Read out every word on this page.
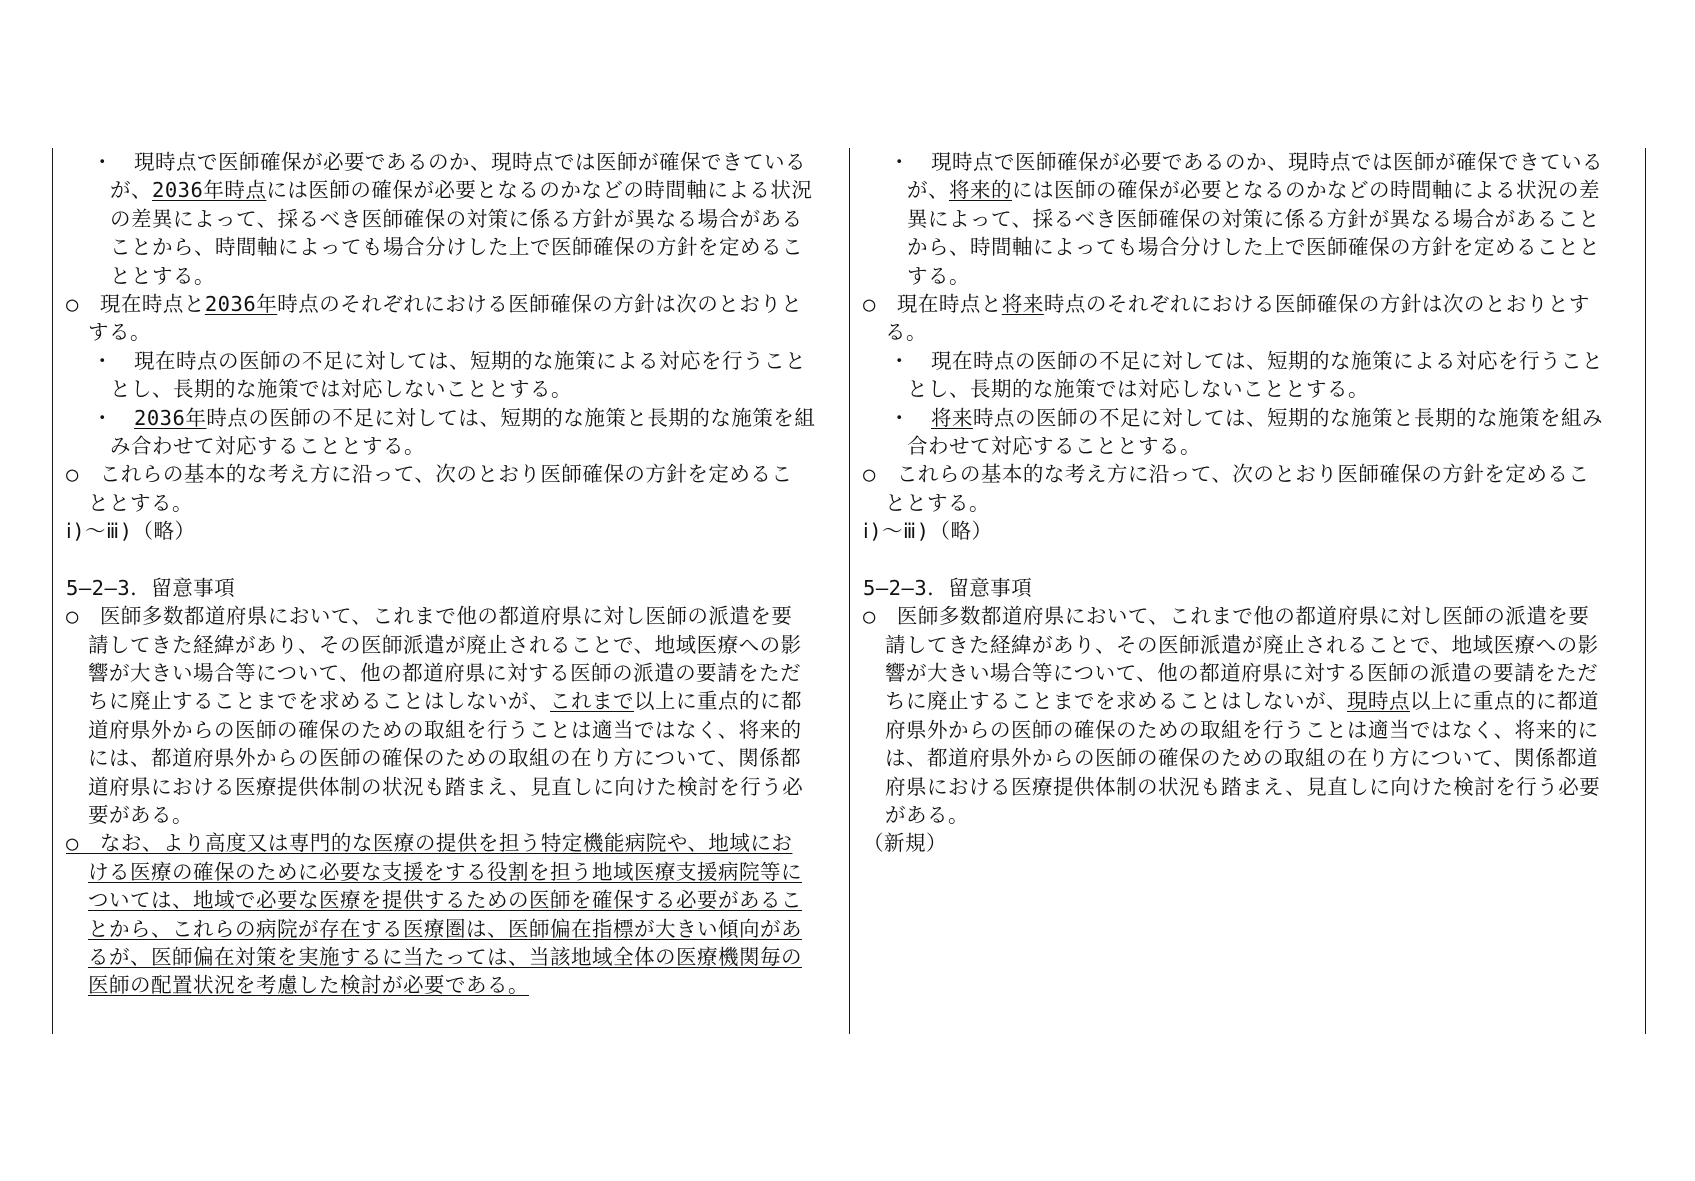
・　現時点で医師確保が必要であるのか、現時点では医師が確保できている
が、2036年時点には医師の確保が必要となるのかなどの時間軸による状況
の差異によって、採るべき医師確保の対策に係る方針が異なる場合がある
ことから、時間軸によっても場合分けした上で医師確保の方針を定めるこ
ととする。
○　現在時点と2036年時点のそれぞれにおける医師確保の方針は次のとおりと
する。
・　現在時点の医師の不足に対しては、短期的な施策による対応を行うこと
とし、長期的な施策では対応しないこととする。
・　2036年時点の医師の不足に対しては、短期的な施策と長期的な施策を組
み合わせて対応することとする。
○　これらの基本的な考え方に沿って、次のとおり医師確保の方針を定めるこ
ととする。
ⅰ)～ⅲ)（略）
5―2―3．留意事項
○　医師多数都道府県において、これまで他の都道府県に対し医師の派遣を要
請してきた経緯があり、その医師派遣が廃止されることで、地域医療への影
響が大きい場合等について、他の都道府県に対する医師の派遣の要請をただ
ちに廃止することまでを求めることはしないが、これまで以上に重点的に都
道府県外からの医師の確保のための取組を行うことは適当ではなく、将来的
には、都道府県外からの医師の確保のための取組の在り方について、関係都
道府県における医療提供体制の状況も踏まえ、見直しに向けた検討を行う必
要がある。
○　なお、より高度又は専門的な医療の提供を担う特定機能病院や、地域にお
ける医療の確保のために必要な支援をする役割を担う地域医療支援病院等に
ついては、地域で必要な医療を提供するための医師を確保する必要があるこ
とから、これらの病院が存在する医療圏は、医師偏在指標が大きい傾向があ
るが、医師偏在対策を実施するに当たっては、当該地域全体の医療機関毎の
医師の配置状況を考慮した検討が必要である。
・　現時点で医師確保が必要であるのか、現時点では医師が確保できている
が、将来的には医師の確保が必要となるのかなどの時間軸による状況の差
異によって、採るべき医師確保の対策に係る方針が異なる場合があること
から、時間軸によっても場合分けした上で医師確保の方針を定めることと
する。
○　現在時点と将来時点のそれぞれにおける医師確保の方針は次のとおりとす
る。
・　現在時点の医師の不足に対しては、短期的な施策による対応を行うこと
とし、長期的な施策では対応しないこととする。
・　将来時点の医師の不足に対しては、短期的な施策と長期的な施策を組み
合わせて対応することとする。
○　これらの基本的な考え方に沿って、次のとおり医師確保の方針を定めるこ
ととする。
ⅰ)～ⅲ)（略）
5―2―3．留意事項
○　医師多数都道府県において、これまで他の都道府県に対し医師の派遣を要
請してきた経緯があり、その医師派遣が廃止されることで、地域医療への影
響が大きい場合等について、他の都道府県に対する医師の派遣の要請をただ
ちに廃止することまでを求めることはしないが、現時点以上に重点的に都道
府県外からの医師の確保のための取組を行うことは適当ではなく、将来的に
は、都道府県外からの医師の確保のための取組の在り方について、関係都道
府県における医療提供体制の状況も踏まえ、見直しに向けた検討を行う必要
がある。
（新規）
